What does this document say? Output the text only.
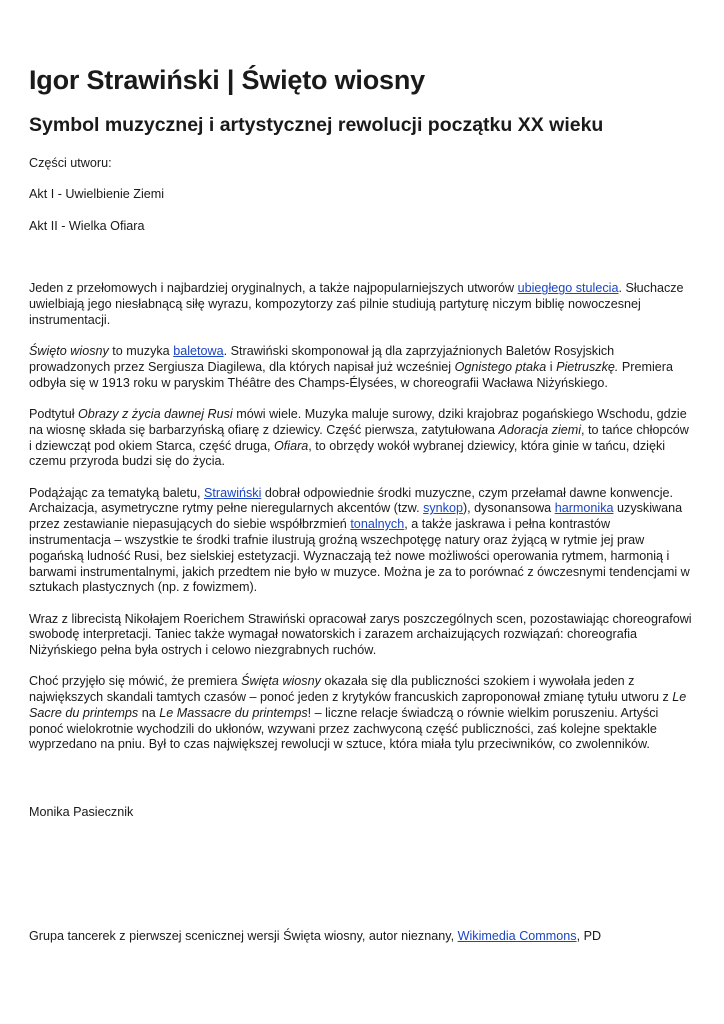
Igor Strawiński | Święto wiosny
Symbol muzycznej i artystycznej rewolucji początku XX wieku

Części utworu:

Akt I - Uwielbienie Ziemi

Akt II - Wielka Ofiara

Jeden z przełomowych i najbardziej oryginalnych, a także najpopularniejszych utworów ubiegłego stulecia. Słuchacze uwielbiają jego niesłabnącą siłę wyrazu, kompozytorzy zaś pilnie studiują partyturę niczym biblię nowoczesnej instrumentacji.

Święto wiosny to muzyka baletowa. Strawiński skomponował ją dla zaprzyjaźnionych Baletów Rosyjskich prowadzonych przez Sergiusza Diagilewa, dla których napisał już wcześniej Ognistego ptaka i Pietruszkę. Premiera odbyła się w 1913 roku w paryskim Théâtre des Champs-Élysées, w choreografii Wacława Niżyńskiego.

Podtytuł Obrazy z życia dawnej Rusi mówi wiele. Muzyka maluje surowy, dziki krajobraz pogańskiego Wschodu, gdzie na wiosnę składa się barbarzyńską ofiarę z dziewicy. Część pierwsza, zatytułowana Adoracja ziemi, to tańce chłopców i dziewcząt pod okiem Starca, część druga, Ofiara, to obrzędy wokół wybranej dziewicy, która ginie w tańcu, dzięki czemu przyroda budzi się do życia.

Podążając za tematyką baletu, Strawiński dobrał odpowiednie środki muzyczne, czym przełamał dawne konwencje. Archaizacja, asymetryczne rytmy pełne nieregularnych akcentów (tzw. synkop), dysonansowa harmonika uzyskiwana przez zestawianie niepasujących do siebie współbrzmień tonalnych, a także jaskrawa i pełna kontrastów instrumentacja – wszystkie te środki trafnie ilustrują groźną wszechpotęgę natury oraz żyjącą w rytmie jej praw pogańską ludność Rusi, bez sielskiej estetyzacji. Wyznaczają też nowe możliwości operowania rytmem, harmonią i barwami instrumentalnymi, jakich przedtem nie było w muzyce. Można je za to porównać z ówczesnymi tendencjami w sztukach plastycznych (np. z fowizmem).

Wraz z librecistą Nikołajem Roerichem Strawiński opracował zarys poszczególnych scen, pozostawiając choreografowi swobodę interpretacji. Taniec także wymagał nowatorskich i zarazem archaizujących rozwiązań: choreografia Niżyńskiego pełna była ostrych i celowo niezgrabnych ruchów.

Choć przyjęło się mówić, że premiera Święta wiosny okazała się dla publiczności szokiem i wywołała jeden z największych skandali tamtych czasów – ponoć jeden z krytyków francuskich zaproponował zmianę tytułu utworu z Le Sacre du printemps na Le Massacre du printemps! – liczne relacje świadczą o równie wielkim poruszeniu. Artyści ponoć wielokrotnie wychodzili do ukłonów, wzywani przez zachwyconą część publiczności, zaś kolejne spektakle wyprzedano na pniu. Był to czas największej rewolucji w sztuce, która miała tylu przeciwników, co zwolenników.

Monika Pasiecznik

Grupa tancerek z pierwszej scenicznej wersji Święta wiosny, autor nieznany, Wikimedia Commons, PD
